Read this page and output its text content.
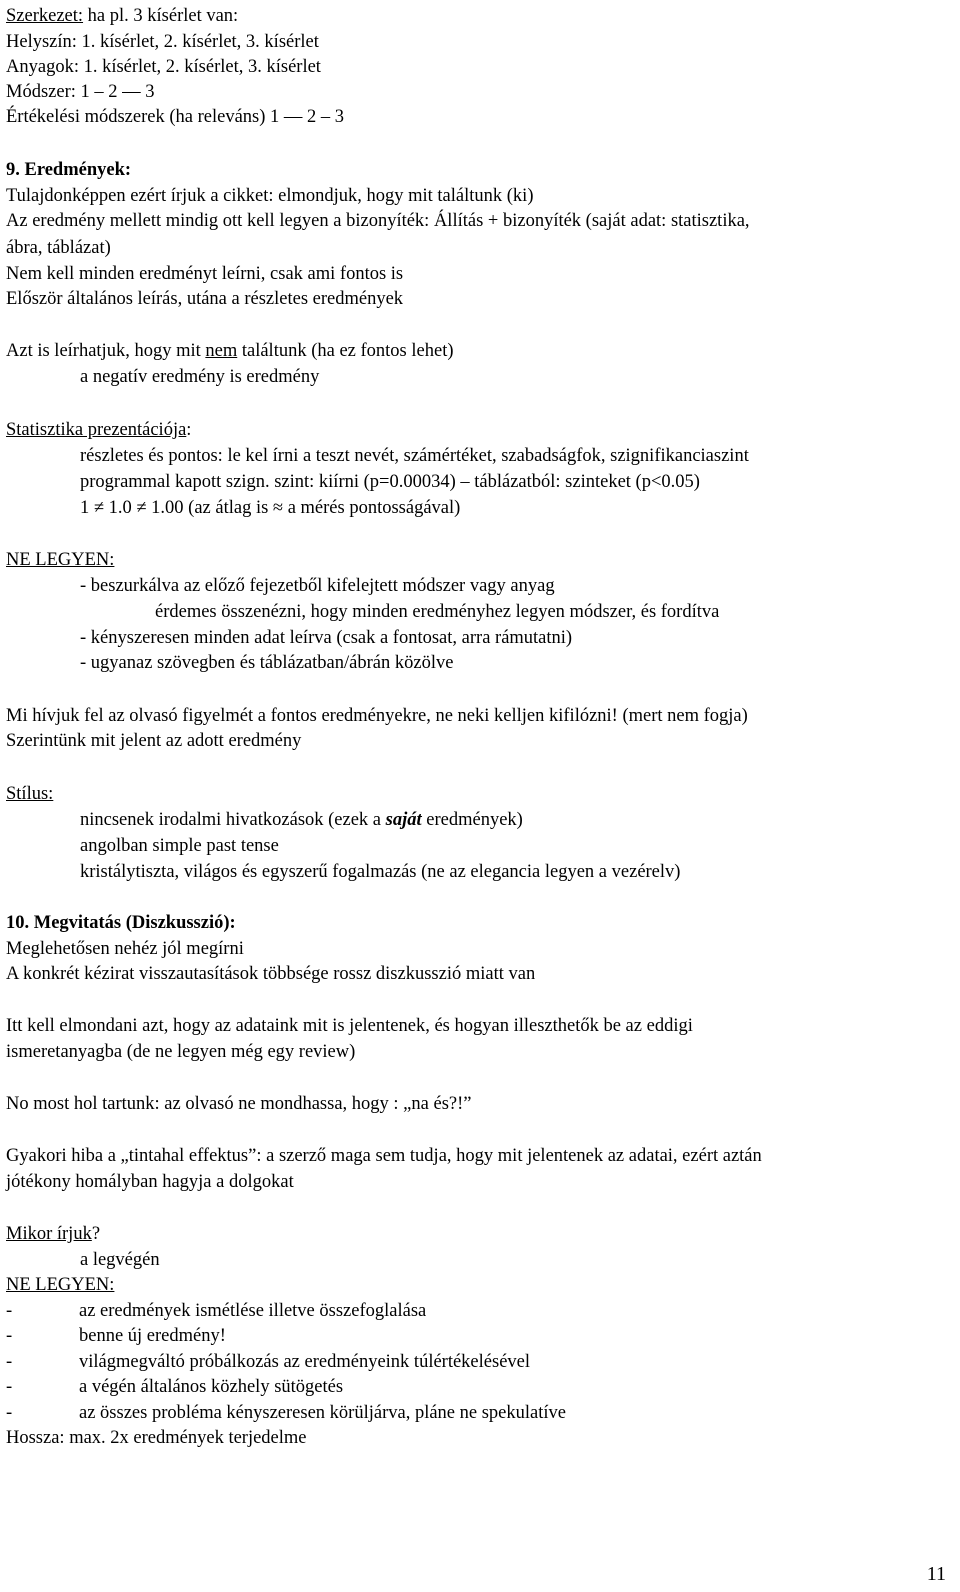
Szerkezet: ha pl. 3 kísérlet van:
Helyszín: 1. kísérlet, 2. kísérlet, 3. kísérlet
Anyagok: 1. kísérlet, 2. kísérlet, 3. kísérlet
Módszer: 1 – 2 — 3
Értékelési módszerek (ha releváns) 1 — 2 – 3
9. Eredmények:
Tulajdonképpen ezért írjuk a cikket: elmondjuk, hogy mit találtunk (ki)
Az eredmény mellett mindig ott kell legyen a bizonyíték: Állítás + bizonyíték (saját adat: statisztika,
ábra, táblázat)
Nem kell minden eredményt leírni, csak ami fontos is
Először általános leírás, utána a részletes eredmények
Azt is leírhatjuk, hogy mit nem találtunk (ha ez fontos lehet)
a negatív eredmény is eredmény
Statisztika prezentációja:
részletes és pontos: le kel írni a teszt nevét, számértéket, szabadságfok, szignifikanciaszint
programmal kapott szign. szint: kiírni (p=0.00034) – táblázatból: szinteket (p<0.05)
1 ≠ 1.0 ≠ 1.00 (az átlag is ≈ a mérés pontosságával)
NE LEGYEN:
- beszurkálva az előző fejezetből kifelejtett módszer vagy anyag
érdemes összenézni, hogy minden eredményhez legyen módszer, és fordítva
- kényszeresen minden adat leírva (csak a fontosat, arra rámutatni)
- ugyanaz szövegben és táblázatban/ábrán közölve
Mi hívjuk fel az olvasó figyelmét a fontos eredményekre, ne neki kelljen kifilózni! (mert nem fogja)
Szerintünk mit jelent az adott eredmény
Stílus:
nincsenek irodalmi hivatkozások (ezek a saját eredmények)
angolban simple past tense
kristálytiszta, világos és egyszerű fogalmazás (ne az elegancia legyen a vezérelv)
10. Megvitatás (Diszkusszió):
Meglehetősen nehéz jól megírni
A konkrét kézirat visszautasítások többsége rossz diszkusszió miatt van
Itt kell elmondani azt, hogy az adataink mit is jelentenek, és hogyan illeszthetők be az eddigi
ismeretanyagba (de ne legyen még egy review)
No most hol tartunk: az olvasó ne mondhassa, hogy : „na és?!”
Gyakori hiba a „tintahal effektus”: a szerző maga sem tudja, hogy mit jelentenek az adatai, ezért aztán
jótékony homályban hagyja a dolgokat
Mikor írjuk?
a legvégén
NE LEGYEN:
-	az eredmények ismétlése illetve összefoglalása
-	benne új eredmény!
-	világmegváltó próbálkozás az eredményeink túlértékelésével
-	a végén általános közhely sütögetés
-	az összes probléma kényszeresen körüljárva, pláne ne spekulatíve
Hossza: max. 2x eredmények terjedelme
11
